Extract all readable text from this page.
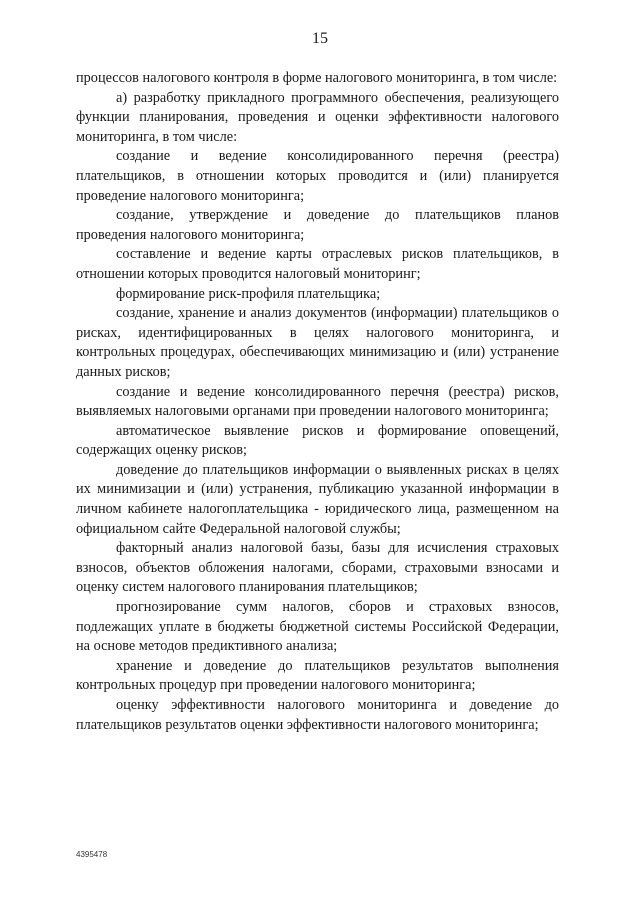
15

процессов налогового контроля в форме налогового мониторинга, в том числе:

а) разработку прикладного программного обеспечения, реализующего функции планирования, проведения и оценки эффективности налогового мониторинга, в том числе:

создание и ведение консолидированного перечня (реестра) плательщиков, в отношении которых проводится и (или) планируется проведение налогового мониторинга;

создание, утверждение и доведение до плательщиков планов проведения налогового мониторинга;

составление и ведение карты отраслевых рисков плательщиков, в отношении которых проводится налоговый мониторинг;

формирование риск-профиля плательщика;

создание, хранение и анализ документов (информации) плательщиков о рисках, идентифицированных в целях налогового мониторинга, и контрольных процедурах, обеспечивающих минимизацию и (или) устранение данных рисков;

создание и ведение консолидированного перечня (реестра) рисков, выявляемых налоговыми органами при проведении налогового мониторинга;

автоматическое выявление рисков и формирование оповещений, содержащих оценку рисков;

доведение до плательщиков информации о выявленных рисках в целях их минимизации и (или) устранения, публикацию указанной информации в личном кабинете налогоплательщика - юридического лица, размещенном на официальном сайте Федеральной налоговой службы;

факторный анализ налоговой базы, базы для исчисления страховых взносов, объектов обложения налогами, сборами, страховыми взносами и оценку систем налогового планирования плательщиков;

прогнозирование сумм налогов, сборов и страховых взносов, подлежащих уплате в бюджеты бюджетной системы Российской Федерации, на основе методов предиктивного анализа;

хранение и доведение до плательщиков результатов выполнения контрольных процедур при проведении налогового мониторинга;

оценку эффективности налогового мониторинга и доведение до плательщиков результатов оценки эффективности налогового мониторинга;

4395478
